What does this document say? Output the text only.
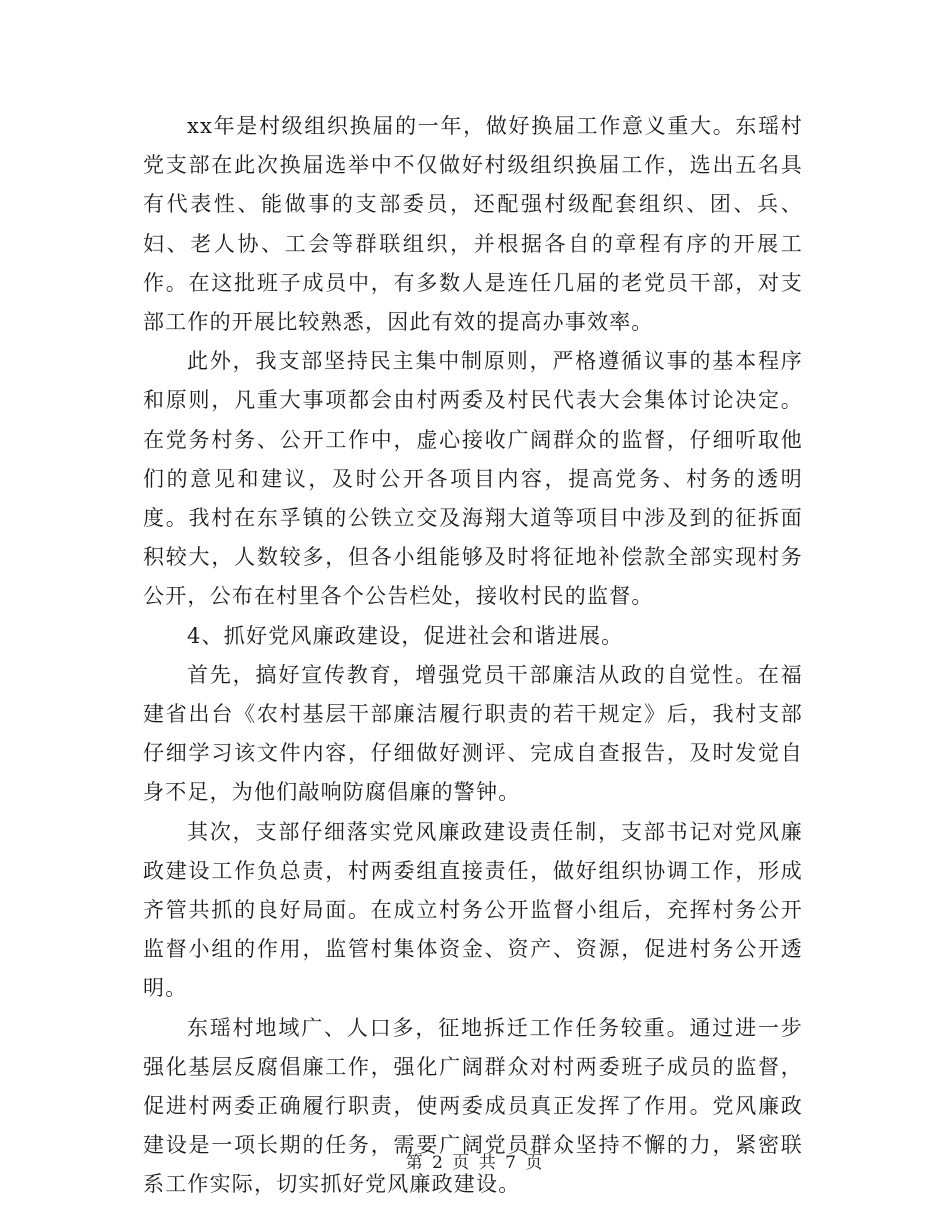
xx年是村级组织换届的一年，做好换届工作意义重大。东瑶村党支部在此次换届选举中不仅做好村级组织换届工作，选出五名具有代表性、能做事的支部委员，还配强村级配套组织、团、兵、妇、老人协、工会等群联组织，并根据各自的章程有序的开展工作。在这批班子成员中，有多数人是连任几届的老党员干部，对支部工作的开展比较熟悉，因此有效的提高办事效率。

此外，我支部坚持民主集中制原则，严格遵循议事的基本程序和原则，凡重大事项都会由村两委及村民代表大会集体讨论决定。在党务村务、公开工作中，虚心接收广阔群众的监督，仔细听取他们的意见和建议，及时公开各项目内容，提高党务、村务的透明度。我村在东孚镇的公铁立交及海翔大道等项目中涉及到的征拆面积较大，人数较多，但各小组能够及时将征地补偿款全部实现村务公开，公布在村里各个公告栏处，接收村民的监督。

4、抓好党风廉政建设，促进社会和谐进展。

首先，搞好宣传教育，增强党员干部廉洁从政的自觉性。在福建省出台《农村基层干部廉洁履行职责的若干规定》后，我村支部仔细学习该文件内容，仔细做好测评、完成自查报告，及时发觉自身不足，为他们敲响防腐倡廉的警钟。

其次，支部仔细落实党风廉政建设责任制，支部书记对党风廉政建设工作负总责，村两委组直接责任，做好组织协调工作，形成齐管共抓的良好局面。在成立村务公开监督小组后，充挥村务公开监督小组的作用，监管村集体资金、资产、资源，促进村务公开透明。

东瑶村地域广、人口多，征地拆迁工作任务较重。通过进一步强化基层反腐倡廉工作，强化广阔群众对村两委班子成员的监督，促进村两委正确履行职责，使两委成员真正发挥了作用。党风廉政建设是一项长期的任务，需要广阔党员群众坚持不懈的力，紧密联系工作实际，切实抓好党风廉政建设。

第 2 页 共 7 页
